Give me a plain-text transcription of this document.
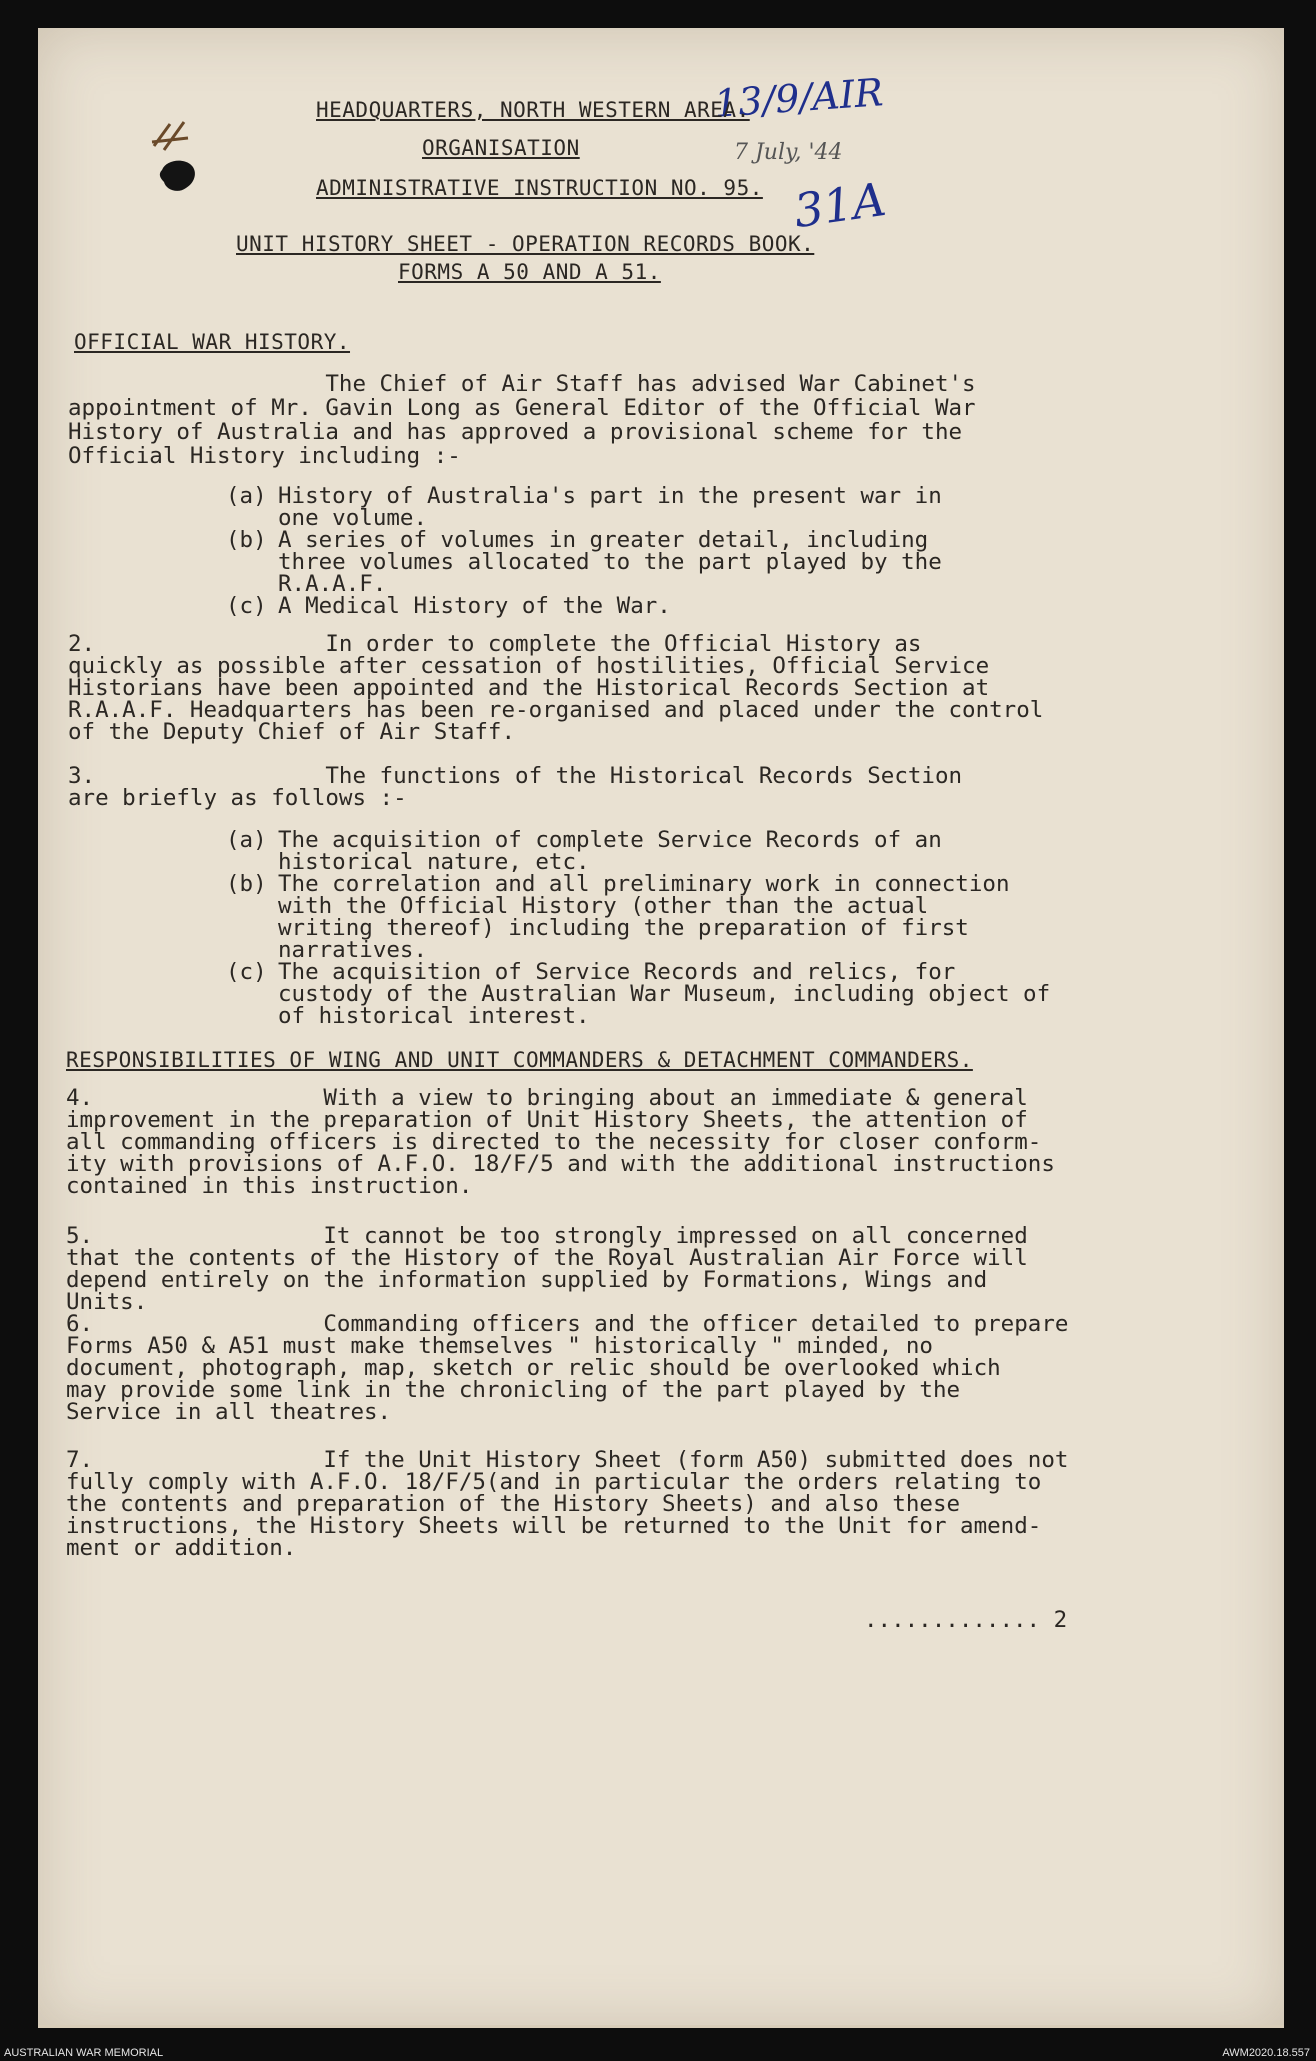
13/9/AIR
31A
7 July, '44
HEADQUARTERS, NORTH WESTERN AREA.
ORGANISATION
ADMINISTRATIVE INSTRUCTION NO. 95.
UNIT HISTORY SHEET - OPERATION RECORDS BOOK.
FORMS A 50 AND A 51.
OFFICIAL WAR HISTORY.
The Chief of Air Staff has advised War Cabinet's
appointment of Mr. Gavin Long as General Editor of the Official War
History of Australia and has approved a provisional scheme for the
Official History including :-
(a) History of Australia's part in the present war in
one volume.
(b) A series of volumes in greater detail, including
three volumes allocated to the part played by the
R.A.A.F.
(c) A Medical History of the War.
2.                 In order to complete the Official History as
quickly as possible after cessation of hostilities, Official Service
Historians have been appointed and the Historical Records Section at
R.A.A.F. Headquarters has been re-organised and placed under the control
of the Deputy Chief of Air Staff.
3.                 The functions of the Historical Records Section
are briefly as follows :-
(a) The acquisition of complete Service Records of an
historical nature, etc.
(b) The correlation and all preliminary work in connection
with the Official History (other than the actual
writing thereof) including the preparation of first
narratives.
(c) The acquisition of Service Records and relics, for
custody of the Australian War Museum, including object of
of historical interest.
RESPONSIBILITIES OF WING AND UNIT COMMANDERS & DETACHMENT COMMANDERS.
4.                 With a view to bringing about an immediate & general
improvement in the preparation of Unit History Sheets, the attention of
all commanding officers is directed to the necessity for closer conform-
ity with provisions of A.F.O. 18/F/5 and with the additional instructions
contained in this instruction.
5.                 It cannot be too strongly impressed on all concerned
that the contents of the History of the Royal Australian Air Force will
depend entirely on the information supplied by Formations, Wings and
Units.
6.                 Commanding officers and the officer detailed to prepare
Forms A50 & A51 must make themselves " historically " minded, no
document, photograph, map, sketch or relic should be overlooked which
may provide some link in the chronicling of the part played by the
Service in all theatres.
7.                 If the Unit History Sheet (form A50) submitted does not
fully comply with A.F.O. 18/F/5(and in particular the orders relating to
the contents and preparation of the History Sheets) and also these
instructions, the History Sheets will be returned to the Unit for amend-
ment or addition.
............. 2
AUSTRALIAN WAR MEMORIAL	AWM2020.18.557
